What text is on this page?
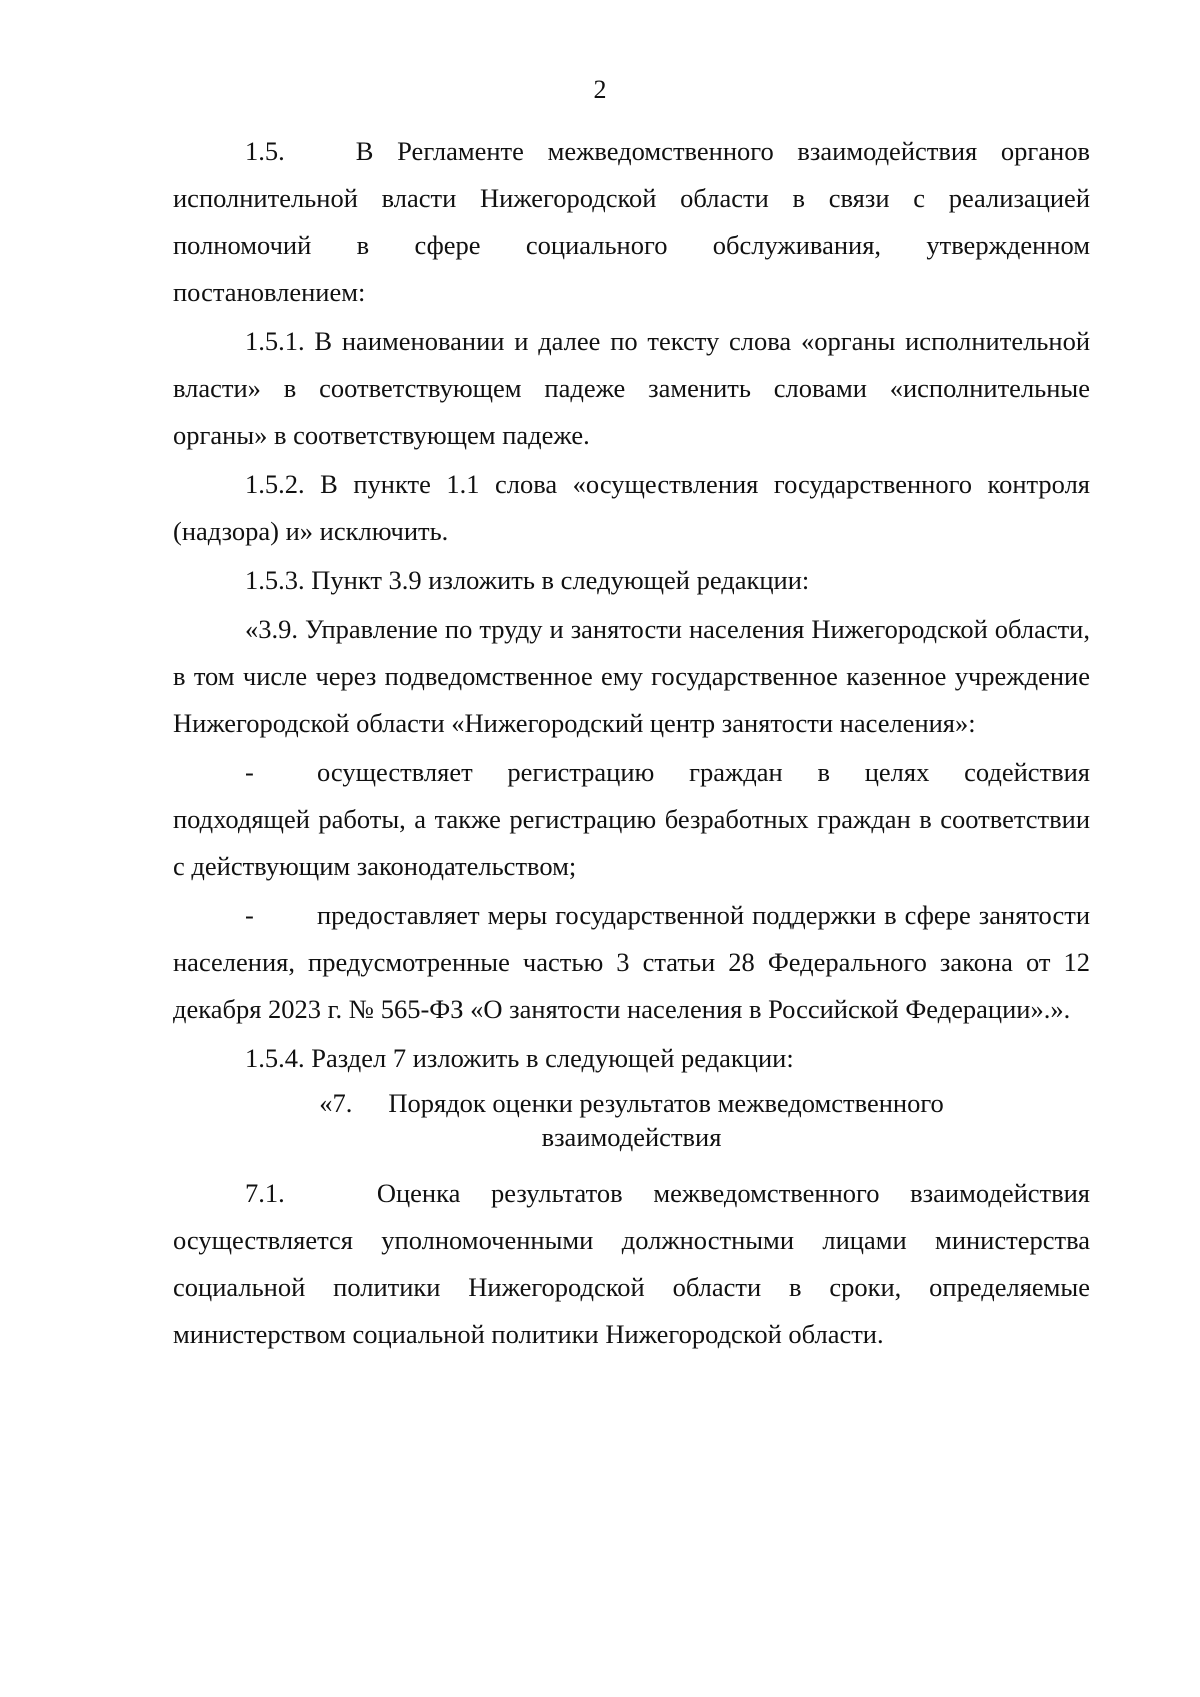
2

1.5.   В Регламенте межведомственного взаимодействия органов исполнительной власти Нижегородской области в связи с реализацией полномочий в сфере социального обслуживания, утвержденном постановлением:

1.5.1. В наименовании и далее по тексту слова «органы исполнительной власти» в соответствующем падеже заменить словами «исполнительные органы» в соответствующем падеже.

1.5.2. В пункте 1.1 слова «осуществления государственного контроля (надзора) и» исключить.

1.5.3. Пункт 3.9 изложить в следующей редакции:

«3.9. Управление по труду и занятости населения Нижегородской области, в том числе через подведомственное ему государственное казенное учреждение Нижегородской области «Нижегородский центр занятости населения»:

- осуществляет регистрацию граждан в целях содействия подходящей работы, а также регистрацию безработных граждан в соответствии с действующим законодательством;

- предоставляет меры государственной поддержки в сфере занятости населения, предусмотренные частью 3 статьи 28 Федерального закона от 12 декабря 2023 г. № 565-ФЗ «О занятости населения в Российской Федерации».».

1.5.4. Раздел 7 изложить в следующей редакции:

«7. Порядок оценки результатов межведомственного
взаимодействия

7.1.   Оценка результатов межведомственного взаимодействия осуществляется уполномоченными должностными лицами министерства социальной политики Нижегородской области в сроки, определяемые министерством социальной политики Нижегородской области.
